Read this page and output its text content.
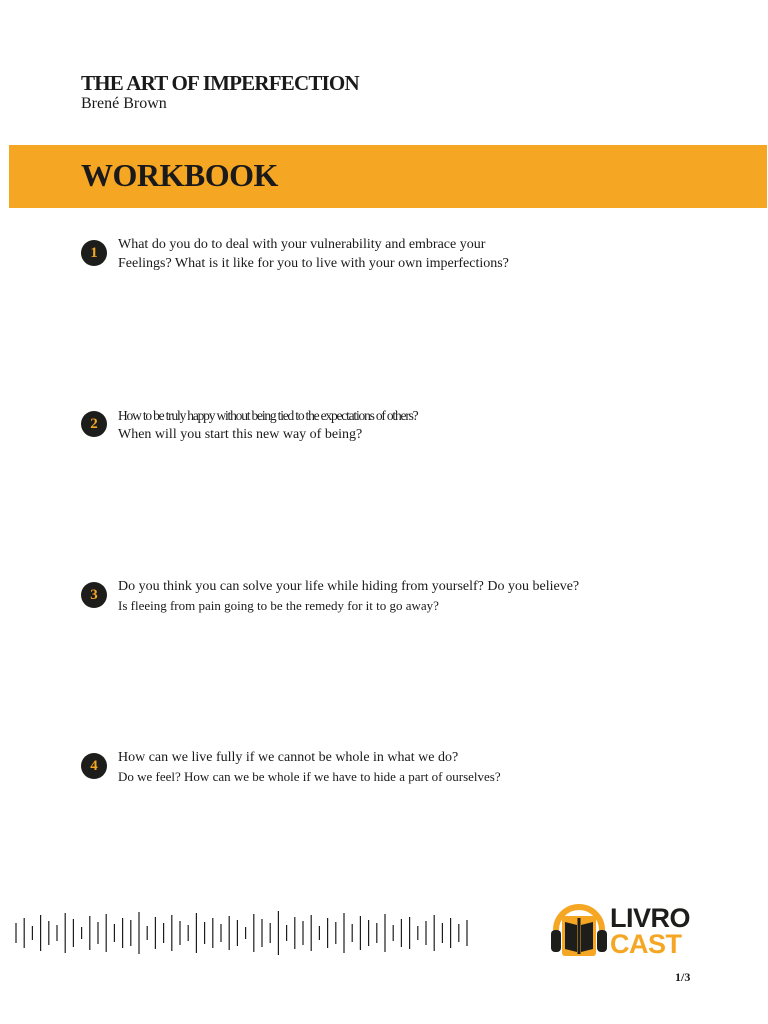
THE ART OF IMPERFECTION

Brené Brown

WORKBOOK
1	What do you do to deal with your vulnerability and embrace your
Feelings? What is it like for you to live with your own imperfections?
2	How to be truly happy without being tied to the expectations of others?
When will you start this new way of being?
3	Do you think you can solve your life while hiding from yourself? Do you believe?
Is fleeing from pain going to be the remedy for it to go away?
4	How can we live fully if we cannot be whole in what we do?
Do we feel? How can we be whole if we have to hide a part of ourselves?
LIVRO
CAST
1/3
